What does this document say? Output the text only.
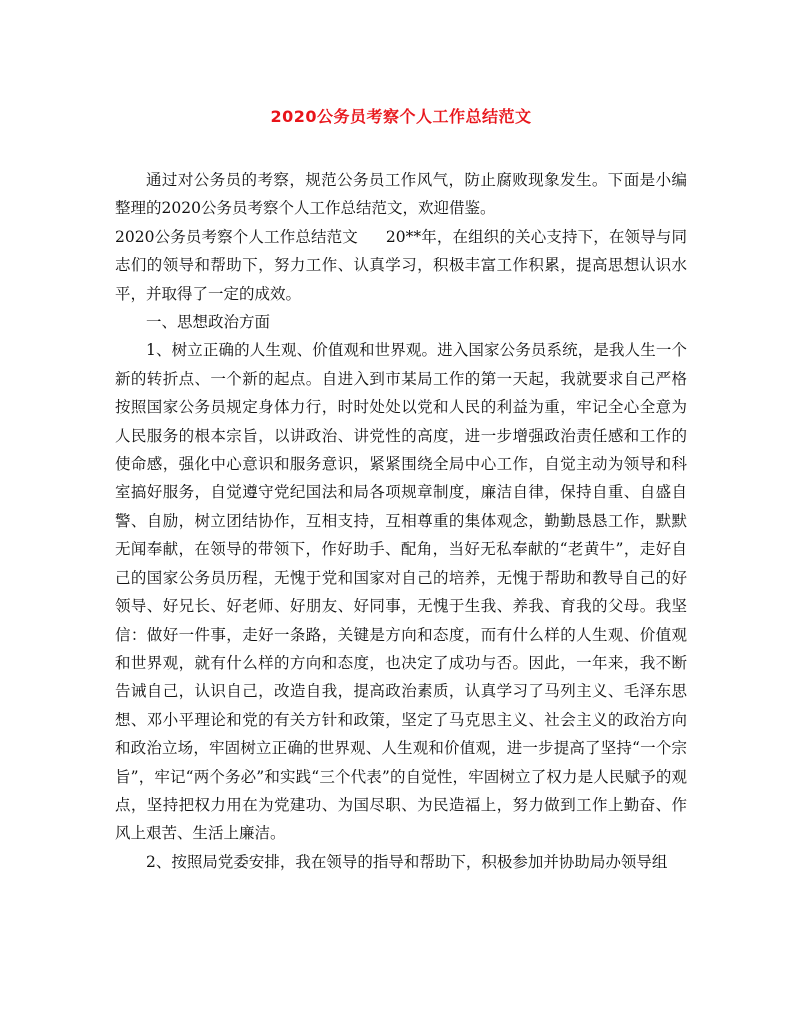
2020公务员考察个人工作总结范文

通过对公务员的考察，规范公务员工作风气，防止腐败现象发生。下面是小编整理的2020公务员考察个人工作总结范文，欢迎借鉴。

2020公务员考察个人工作总结范文 20**年，在组织的关心支持下，在领导与同志们的领导和帮助下，努力工作、认真学习，积极丰富工作积累，提高思想认识水平，并取得了一定的成效。

一、思想政治方面

1、树立正确的人生观、价值观和世界观。进入国家公务员系统，是我人生一个新的转折点、一个新的起点。自进入到市某局工作的第一天起，我就要求自己严格按照国家公务员规定身体力行，时时处处以党和人民的利益为重，牢记全心全意为人民服务的根本宗旨，以讲政治、讲党性的高度，进一步增强政治责任感和工作的使命感，强化中心意识和服务意识，紧紧围绕全局中心工作，自觉主动为领导和科室搞好服务，自觉遵守党纪国法和局各项规章制度，廉洁自律，保持自重、自盛自警、自励，树立团结协作，互相支持，互相尊重的集体观念，勤勤恳恳工作，默默无闻奉献，在领导的带领下，作好助手、配角，当好无私奉献的“老黄牛”，走好自己的国家公务员历程，无愧于党和国家对自己的培养，无愧于帮助和教导自己的好领导、好兄长、好老师、好朋友、好同事，无愧于生我、养我、育我的父母。我坚信：做好一件事，走好一条路，关键是方向和态度，而有什么样的人生观、价值观和世界观，就有什么样的方向和态度，也决定了成功与否。因此，一年来，我不断告诫自己，认识自己，改造自我，提高政治素质，认真学习了马列主义、毛泽东思想、邓小平理论和党的有关方针和政策，坚定了马克思主义、社会主义的政治方向和政治立场，牢固树立正确的世界观、人生观和价值观，进一步提高了坚持“一个宗旨”，牢记“两个务必”和实践“三个代表”的自觉性，牢固树立了权力是人民赋予的观点，坚持把权力用在为党建功、为国尽职、为民造福上，努力做到工作上勤奋、作风上艰苦、生活上廉洁。

2、按照局党委安排，我在领导的指导和帮助下，积极参加并协助局办领导组
